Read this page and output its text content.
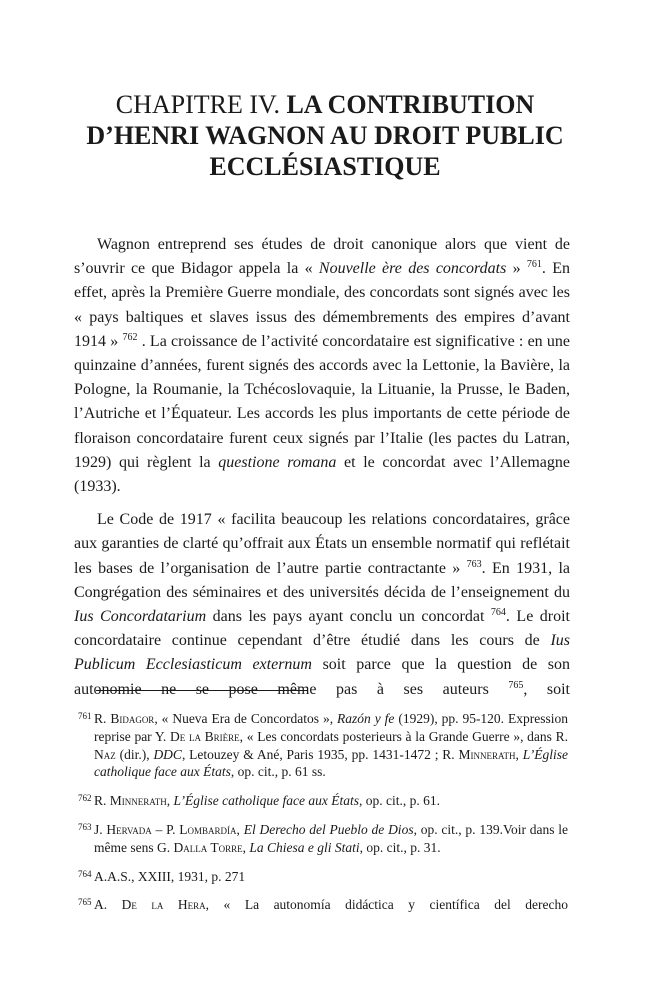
CHAPITRE IV. LA CONTRIBUTION
D’HENRI WAGNON AU DROIT PUBLIC
ECCLÉSIASTIQUE

Wagnon entreprend ses études de droit canonique alors que vient de s’ouvrir ce que Bidagor appela la « Nouvelle ère des concordats » $^{761}$. En effet, après la Première Guerre mondiale, des concordats sont signés avec les « pays baltiques et slaves issus des démembrements des empires d’avant 1914 » $^{762}$ . La croissance de l’activité concordataire est significative : en une quinzaine d’années, furent signés des accords avec la Lettonie, la Bavière, la Pologne, la Roumanie, la Tchécoslovaquie, la Lituanie, la Prusse, le Baden, l’Autriche et l’Équateur. Les accords les plus importants de cette période de floraison concordataire furent ceux signés par l’Italie (les pactes du Latran, 1929) qui règlent la questione romana et le concordat avec l’Allemagne (1933).

Le Code de 1917 « facilita beaucoup les relations concordataires, grâce aux garanties de clarté qu’offrait aux États un ensemble normatif qui reflétait les bases de l’organisation de l’autre partie contractante » $^{763}$. En 1931, la Congrégation des séminaires et des universités décida de l’enseignement du Ius Concordatarium dans les pays ayant conclu un concordat $^{764}$. Le droit concordataire continue cependant d’être étudié dans les cours de Ius Publicum Ecclesiasticum externum soit parce que la question de son autonomie ne se pose même pas à ses auteurs $^{765}$, soit

761 R. Bidagor, « Nueva Era de Concordatos », Razón y fe (1929), pp. 95-120. Expression reprise par Y. De la Brière, « Les concordats posterieurs à la Grande Guerre », dans R. Naz (dir.), DDC, Letouzey & Ané, Paris 1935, pp. 1431-1472 ; R. Minnerath, L’Église catholique face aux États, op. cit., p. 61 ss.
762 R. Minnerath, L’Église catholique face aux États, op. cit., p. 61.
763 J. Hervada – P. Lombardía, El Derecho del Pueblo de Dios, op. cit., p. 139.Voir dans le même sens G. Dalla Torre, La Chiesa e gli Stati, op. cit., p. 31.
764 A.A.S., XXIII, 1931, p. 271
765 A. De la Hera, « La autonomía didáctica y científica del derecho
